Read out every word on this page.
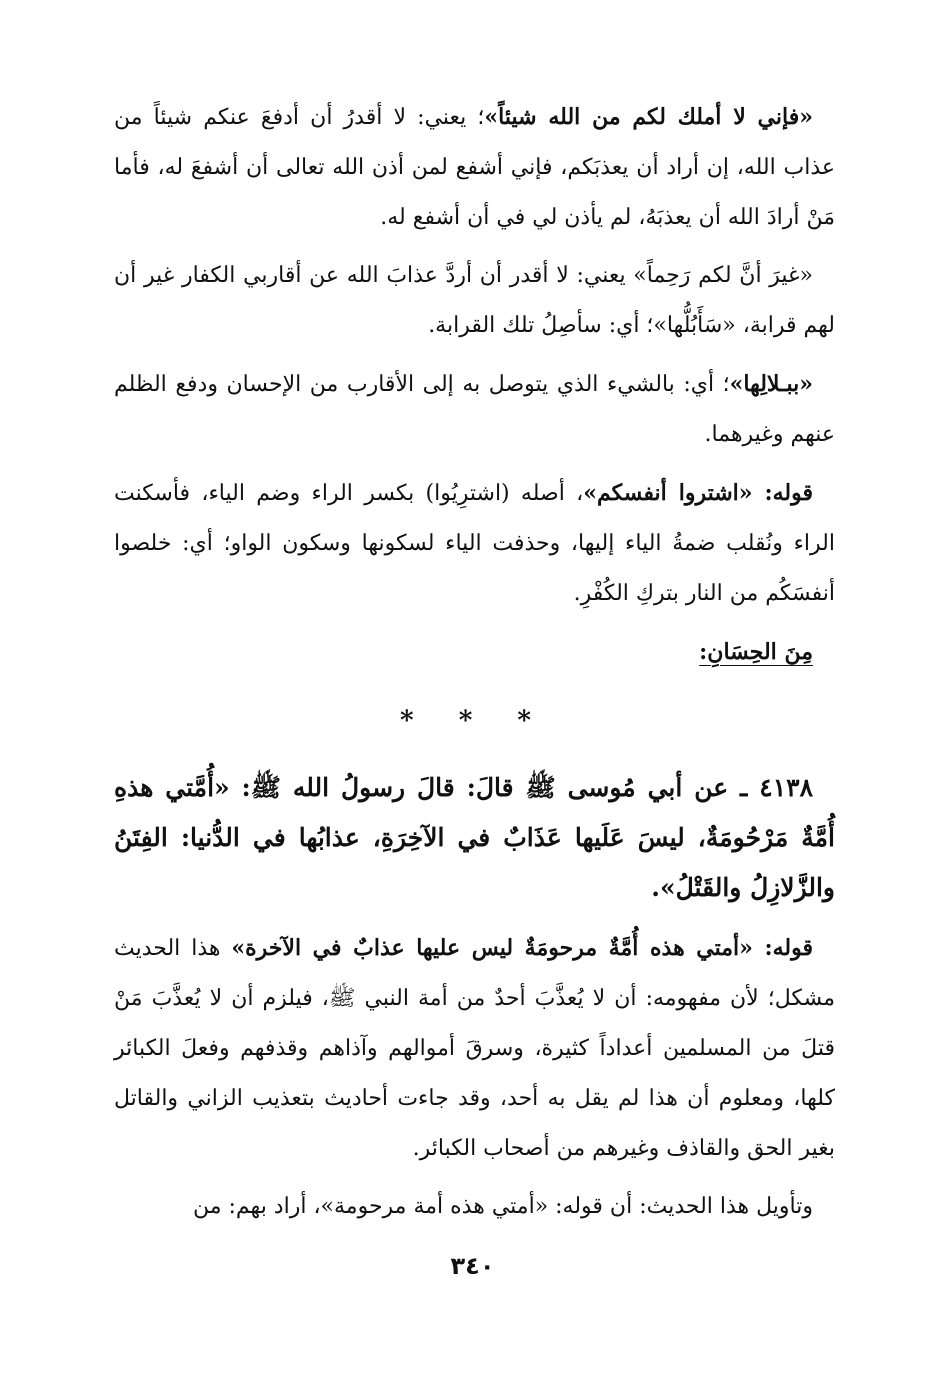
«فإني لا أملك لكم من الله شيئاً»؛ يعني: لا أقدرُ أن أدفعَ عنكم شيئاً من عذاب الله، إن أراد أن يعذبَكم، فإني أشفع لمن أذن الله تعالى أن أشفعَ له، فأما مَنْ أرادَ الله أن يعذبَهُ، لم يأذن لي في أن أشفع له.

«غيرَ أنَّ لكم رَحِماً» يعني: لا أقدر أن أردَّ عذابَ الله عن أقاربي الكفار غير أن لهم قرابة، «سَأَبُلُّها»؛ أي: سأصِلُ تلك القرابة.

«ببـلالِها»؛ أي: بالشيء الذي يتوصل به إلى الأقارب من الإحسان ودفع الظلم عنهم وغيرهما.

قوله: «اشتروا أنفسكم»، أصله (اشترِيُوا) بكسر الراء وضم الياء، فأسكنت الراء ونُقلب ضمةُ الياء إليها، وحذفت الياء لسكونها وسكون الواو؛ أي: خلصوا أنفسَكُم من النار بتركِ الكُفْرِ.

مِنَ الحِسَانِ:

* * *

٤١٣٨ ـ عن أبي مُوسى ﷺ قالَ: قالَ رسولُ الله ﷺ: «أُمَّتي هذهِ أُمَّةٌ مَرْحُومَةٌ، ليسَ عَلَيها عَذَابٌ في الآخِرَةِ، عذابُها في الدُّنيا: الفِتَنُ والزَّلازِلُ والقَتْلُ».

قوله: «أمتي هذه أُمَّةٌ مرحومَةٌ ليس عليها عذابٌ في الآخرة» هذا الحديث مشكل؛ لأن مفهومه: أن لا يُعذَّبَ أحدٌ من أمة النبي ﷺ، فيلزم أن لا يُعذَّبَ مَنْ قتلَ من المسلمين أعداداً كثيرة، وسرقَ أموالهم وآذاهم وقذفهم وفعلَ الكبائر كلها، ومعلوم أن هذا لم يقل به أحد، وقد جاءت أحاديث بتعذيب الزاني والقاتل بغير الحق والقاذف وغيرهم من أصحاب الكبائر.

وتأويل هذا الحديث: أن قوله: «أمتي هذه أمة مرحومة»، أراد بهم: من

٣٤٠
